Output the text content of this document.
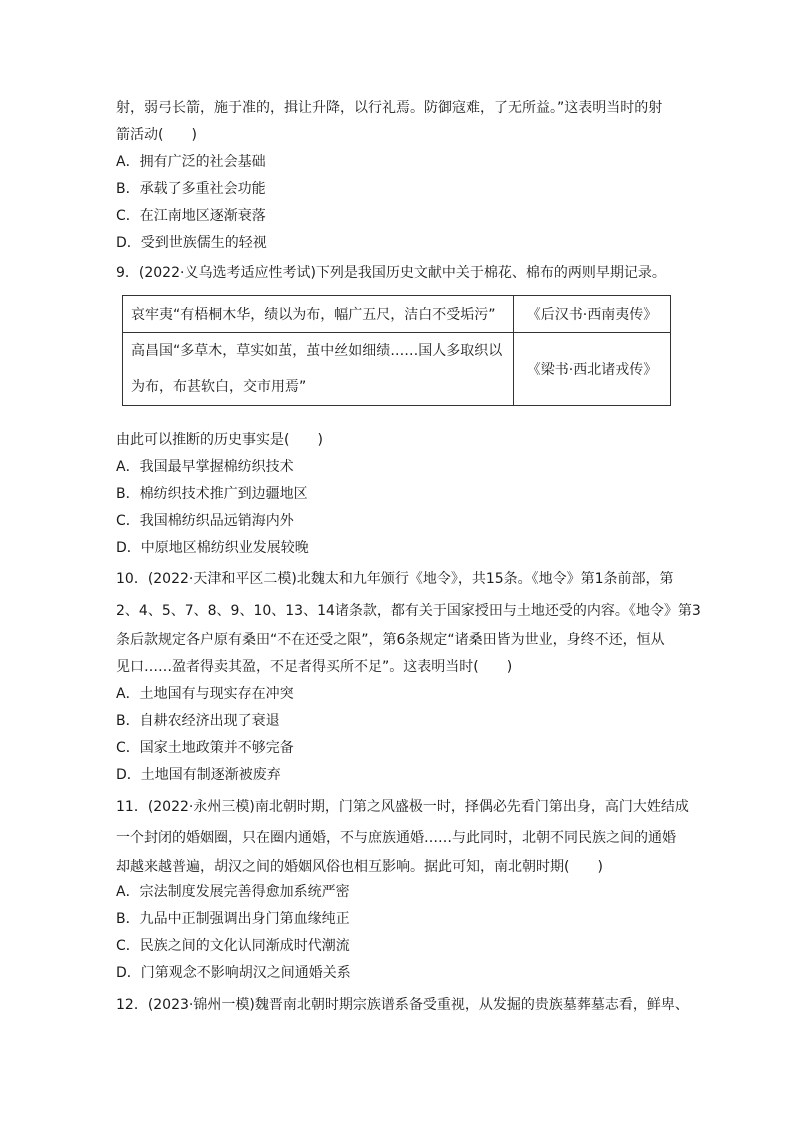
射，弱弓长箭，施于准的，揖让升降，以行礼焉。防御寇难，了无所益。”这表明当时的射
箭活动(　　)
A．拥有广泛的社会基础
B．承载了多重社会功能
C．在江南地区逐渐衰落
D．受到世族儒生的轻视
9．(2022·义乌选考适应性考试)下列是我国历史文献中关于棉花、棉布的两则早期记录。
哀牢夷“有梧桐木华，绩以为布，幅广五尺，洁白不受垢污”	《后汉书·西南夷传》

高昌国“多草木，草实如茧，茧中丝如细绩……国人多取织以
为布，布甚软白，交市用焉”	《梁书·西北诸戎传》
由此可以推断的历史事实是(　　)
A．我国最早掌握棉纺织技术
B．棉纺织技术推广到边疆地区
C．我国棉纺织品远销海内外
D．中原地区棉纺织业发展较晚
10．(2022·天津和平区二模)北魏太和九年颁行《地令》，共15条。《地令》第1条前部，第
2、4、5、7、8、9、10、13、14诸条款，都有关于国家授田与土地还受的内容。《地令》第3
条后款规定各户原有桑田“不在还受之限”，第6条规定“诸桑田皆为世业，身终不还，恒从
见口……盈者得卖其盈，不足者得买所不足”。这表明当时(　　)
A．土地国有与现实存在冲突
B．自耕农经济出现了衰退
C．国家土地政策并不够完备
D．土地国有制逐渐被废弃
11．(2022·永州三模)南北朝时期，门第之风盛极一时，择偶必先看门第出身，高门大姓结成
一个封闭的婚姻圈，只在圈内通婚，不与庶族通婚……与此同时，北朝不同民族之间的通婚
却越来越普遍，胡汉之间的婚姻风俗也相互影响。据此可知，南北朝时期(　　)
A．宗法制度发展完善得愈加系统严密
B．九品中正制强调出身门第血缘纯正
C．民族之间的文化认同渐成时代潮流
D．门第观念不影响胡汉之间通婚关系
12．(2023·锦州一模)魏晋南北朝时期宗族谱系备受重视，从发掘的贵族墓葬墓志看，鲜卑、
